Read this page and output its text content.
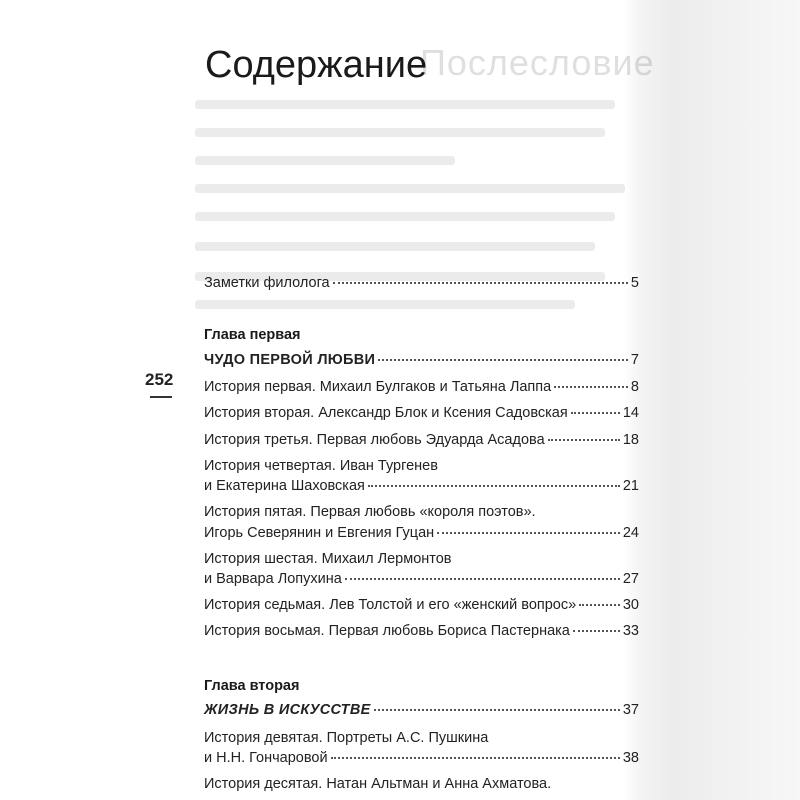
Послесловие
Содержание
252
Заметки филолога	5
Глава первая
ЧУДО ПЕРВОЙ ЛЮБВИ	7
История первая. Михаил Булгаков и Татьяна Лаппа	8
История вторая. Александр Блок и Ксения Садовская	14
История третья. Первая любовь Эдуарда Асадова	18
История четвертая. Иван Тургенев
и Екатерина Шаховская	21
История пятая. Первая любовь «короля поэтов».
Игорь Северянин и Евгения Гуцан	24
История шестая. Михаил Лермонтов
и Варвара Лопухина	27
История седьмая. Лев Толстой и его «женский вопрос»	30
История восьмая. Первая любовь Бориса Пастернака	33
Глава вторая
ЖИЗНЬ В ИСКУССТВЕ	37
История девятая. Портреты А.С. Пушкина
и Н.Н. Гончаровой	38
История десятая. Натан Альтман и Анна Ахматова.
